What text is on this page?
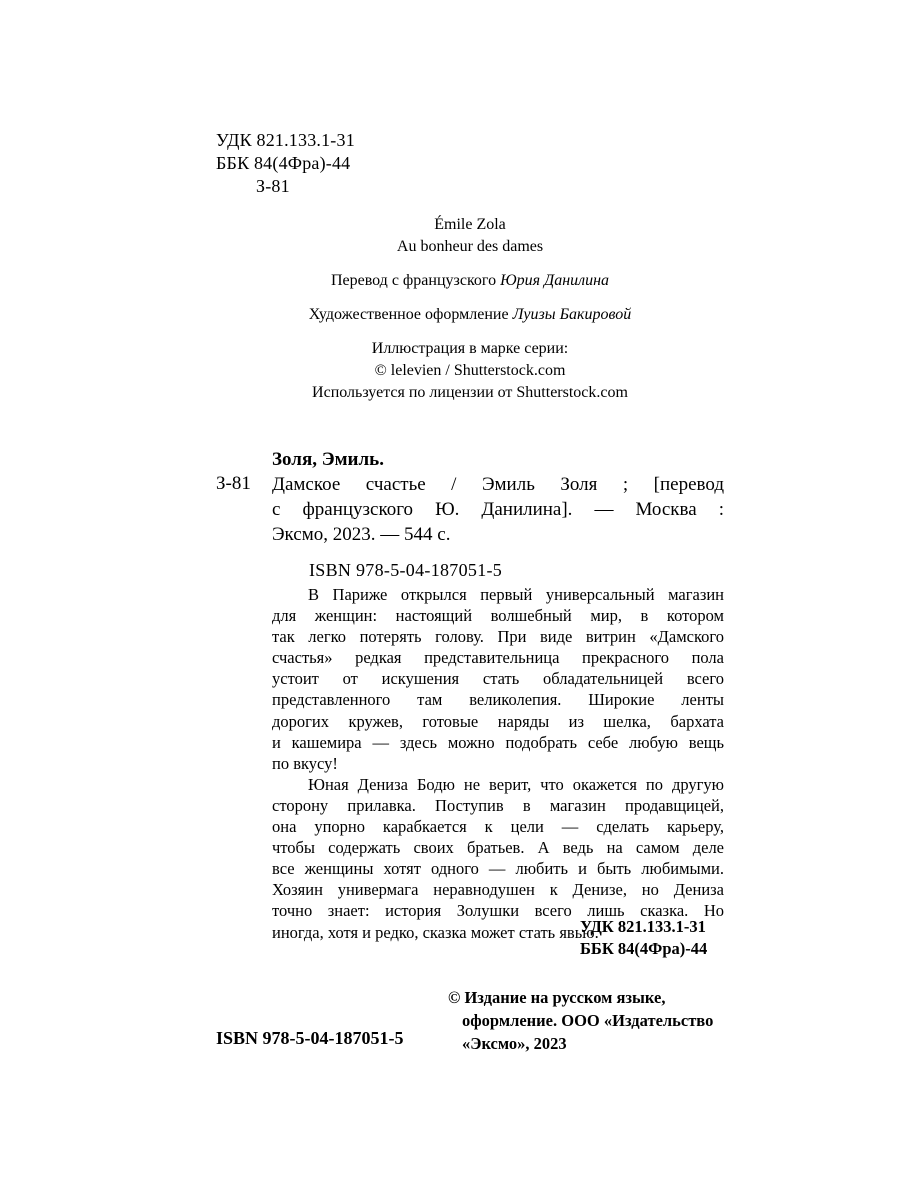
УДК 821.133.1-31
ББК 84(4Фра)-44
З-81
Émile Zola
Au bonheur des dames
Перевод с французского Юрия Данилина
Художественное оформление Луизы Бакировой
Иллюстрация в марке серии:
© lelevien / Shutterstock.com
Используется по лицензии от Shutterstock.com
Золя, Эмиль.
З-81 Дамское счастье / Эмиль Золя ; [перевод
с французского Ю. Данилина]. — Москва :
Эксмо, 2023. — 544 с.
ISBN 978-5-04-187051-5
В Париже открылся первый универсальный магазин
для женщин: настоящий волшебный мир, в котором
так легко потерять голову. При виде витрин «Дамского
счастья» редкая представительница прекрасного пола
устоит от искушения стать обладательницей всего
представленного там великолепия. Широкие ленты
дорогих кружев, готовые наряды из шелка, бархата
и кашемира — здесь можно подобрать себе любую вещь
по вкусу!
Юная Дениза Бодю не верит, что окажется по другую
сторону прилавка. Поступив в магазин продавщицей,
она упорно карабкается к цели — сделать карьеру,
чтобы содержать своих братьев. А ведь на самом деле
все женщины хотят одного — любить и быть любимыми.
Хозяин универмага неравнодушен к Денизе, но Дениза
точно знает: история Золушки всего лишь сказка. Но
иногда, хотя и редко, сказка может стать явью.
УДК 821.133.1-31
ББК 84(4Фра)-44
© Издание на русском языке,
оформление. ООО «Издательство
«Эксмо», 2023
ISBN 978-5-04-187051-5
